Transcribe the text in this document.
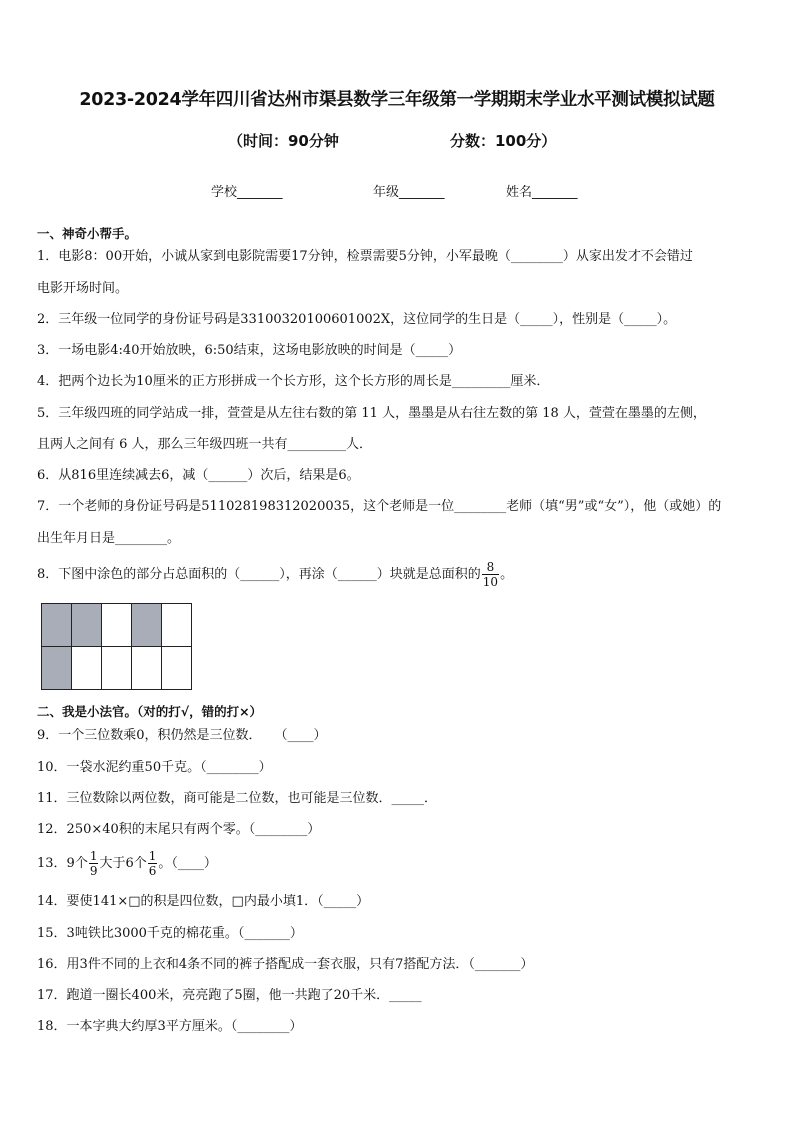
2023-2024学年四川省达州市渠县数学三年级第一学期期末学业水平测试模拟试题
（时间：90分钟	分数：100分）
学校_______	年级_______	姓名_______
一、神奇小帮手。
1．电影8：00开始，小诚从家到电影院需要17分钟，检票需要5分钟，小军最晚（________）从家出发才不会错过
电影开场时间。
2．三年级一位同学的身份证号码是33100320100601002X，这位同学的生日是（_____），性别是（_____）。
3．一场电影4:40开始放映，6:50结束，这场电影放映的时间是（_____）
4．把两个边长为10厘米的正方形拼成一个长方形，这个长方形的周长是_________厘米．
5．三年级四班的同学站成一排，萱萱是从左往右数的第 11 人，墨墨是从右往左数的第 18 人，萱萱在墨墨的左侧，
且两人之间有 6 人，那么三年级四班一共有_________人．
6．从816里连续减去6，减（______）次后，结果是6。
7．一个老师的身份证号码是511028198312020035，这个老师是一位________老师（填“男”或“女”），他（或她）的
出生年月日是________。
8．下图中涂色的部分占总面积的（______），再涂（______）块就是总面积的 $\frac{8}{10}$ 。

二、我是小法官。（对的打√，错的打×）
9．一个三位数乘0，积仍然是三位数．　　（____）
10．一袋水泥约重50千克。（________）
11．三位数除以两位数，商可能是二位数，也可能是三位数．_____．
12．250×40积的末尾只有两个零。（________）
13．9个 $\frac{1}{9}$ 大于6个 $\frac{1}{6}$ 。（____）
14．要使141×□的积是四位数，□内最小填1．（_____）
15．3吨铁比3000千克的棉花重。（_______）
16．用3件不同的上衣和4条不同的裤子搭配成一套衣服，只有7搭配方法．（_______）
17．跑道一圈长400米，亮亮跑了5圈，他一共跑了20千米．_____
18．一本字典大约厚3平方厘米。（________）
